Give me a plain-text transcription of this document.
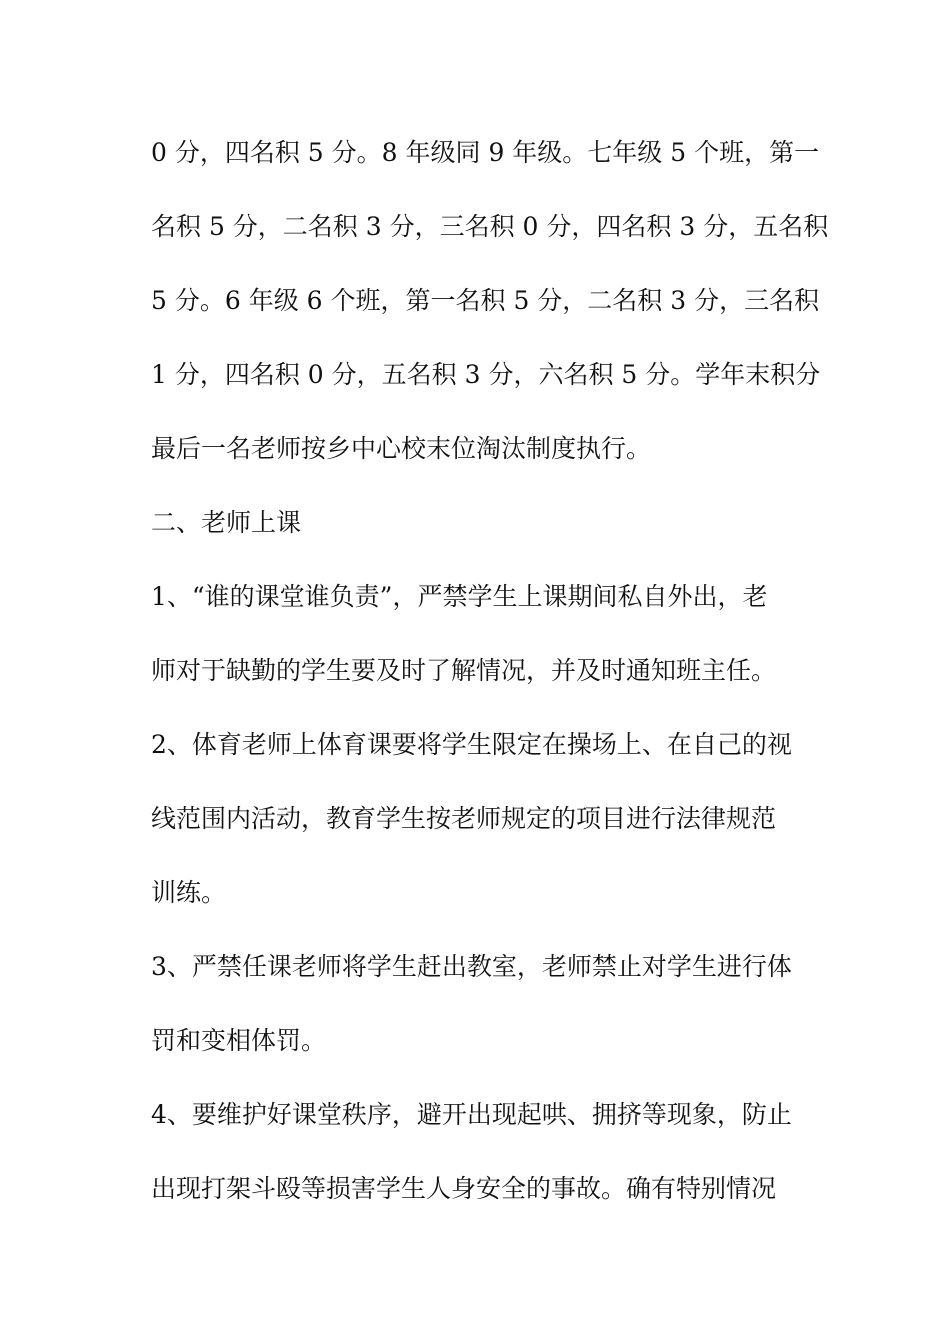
0 分，四名积 5 分。8 年级同 9 年级。七年级 5 个班，第一
名积 5 分，二名积 3 分，三名积 0 分，四名积 3 分，五名积
5 分。6 年级 6 个班，第一名积 5 分，二名积 3 分，三名积
1 分，四名积 0 分，五名积 3 分，六名积 5 分。学年末积分
最后一名老师按乡中心校末位淘汰制度执行。
二、老师上课
1、“谁的课堂谁负责”，严禁学生上课期间私自外出，老
师对于缺勤的学生要及时了解情况，并及时通知班主任。
2、体育老师上体育课要将学生限定在操场上、在自己的视
线范围内活动，教育学生按老师规定的项目进行法律规范
训练。
3、严禁任课老师将学生赶出教室，老师禁止对学生进行体
罚和变相体罚。
4、要维护好课堂秩序，避开出现起哄、拥挤等现象，防止
出现打架斗殴等损害学生人身安全的事故。确有特别情况
